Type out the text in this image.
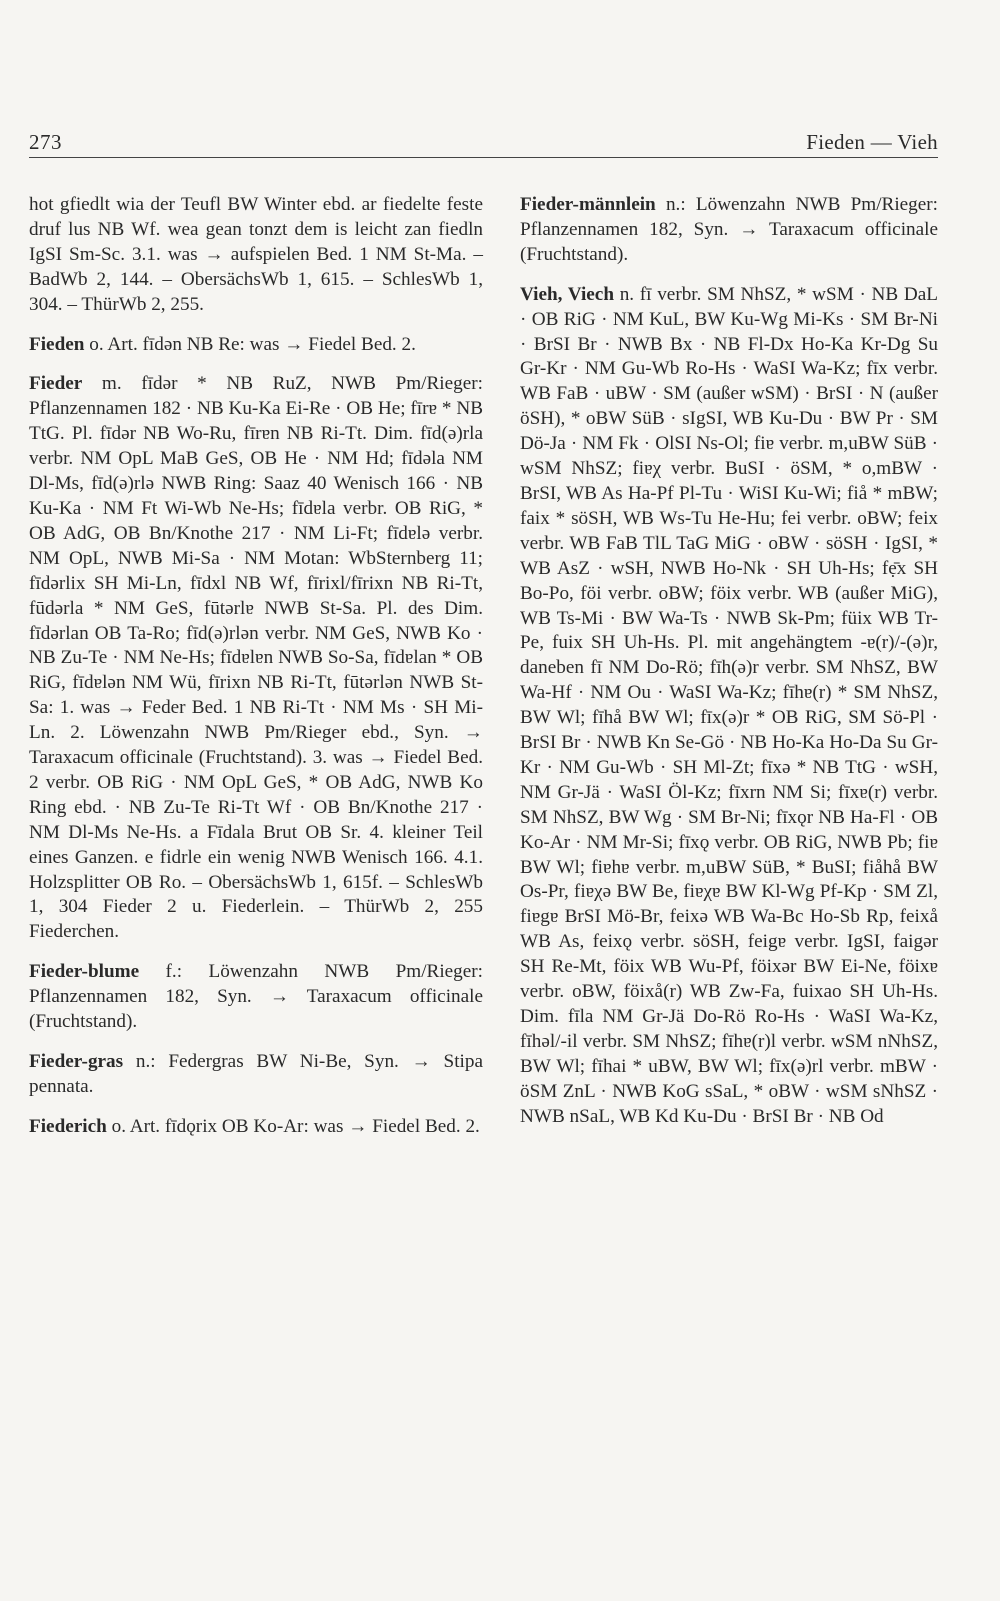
273	Fieden — Vieh

hot gfiedlt wia der Teufl BW Winter ebd. ar fiedelte feste druf lus NB Wf. wea gean tonzt dem is leicht zan fiedln IgSI Sm-Sc. 3.1. was → aufspielen Bed. 1 NM St-Ma. – BadWb 2, 144. – ObersächsWb 1, 615. – SchlesWb 1, 304. – ThürWb 2, 255.

Fieden o. Art. fīdən NB Re: was → Fiedel Bed. 2.

Fieder m. fīdər * NB RuZ, NWB Pm/Rieger: Pflanzennamen 182 · NB Ku-Ka Ei-Re · OB He; fīrɐ * NB TtG. Pl. fīdər NB Wo-Ru, fīrɐn NB Ri-Tt. Dim. fīd(ə)rla verbr. NM OpL MaB GeS, OB He · NM Hd; fīdəla NM Dl-Ms, fīd(ə)rlə NWB Ring: Saaz 40 Wenisch 166 · NB Ku-Ka · NM Ft Wi-Wb Ne-Hs; fīdɐla verbr. OB RiG, * OB AdG, OB Bn/Knothe 217 · NM Li-Ft; fīdɐlə verbr. NM OpL, NWB Mi-Sa · NM Motan: WbSternberg 11; fīdərlix SH Mi-Ln, fīdxl NB Wf, fīrixl/fīrixn NB Ri-Tt, fūdərla * NM GeS, fūtərlɐ NWB St-Sa. Pl. des Dim. fīdərlan OB Ta-Ro; fīd(ə)rlən verbr. NM GeS, NWB Ko · NB Zu-Te · NM Ne-Hs; fīdɐlɐn NWB So-Sa, fīdɐlan * OB RiG, fīdɐlən NM Wü, fīrixn NB Ri-Tt, fūtərlən NWB St-Sa: 1. was → Feder Bed. 1 NB Ri-Tt · NM Ms · SH Mi-Ln. 2. Löwenzahn NWB Pm/Rieger ebd., Syn. → Taraxacum officinale (Fruchtstand). 3. was → Fiedel Bed. 2 verbr. OB RiG · NM OpL GeS, * OB AdG, NWB Ko Ring ebd. · NB Zu-Te Ri-Tt Wf · OB Bn/Knothe 217 · NM Dl-Ms Ne-Hs. a Fīdala Brut OB Sr. 4. kleiner Teil eines Ganzen. e fidrle ein wenig NWB Wenisch 166. 4.1. Holzsplitter OB Ro. – ObersächsWb 1, 615f. – SchlesWb 1, 304 Fieder 2 u. Fiederlein. – ThürWb 2, 255 Fiederchen.

Fieder-blume f.: Löwenzahn NWB Pm/Rieger: Pflanzennamen 182, Syn. → Taraxacum officinale (Fruchtstand).

Fieder-gras n.: Federgras BW Ni-Be, Syn. → Stipa pennata.

Fiederich o. Art. fīdǫrix OB Ko-Ar: was → Fiedel Bed. 2.

Fieder-männlein n.: Löwenzahn NWB Pm/Rieger: Pflanzennamen 182, Syn. → Taraxacum officinale (Fruchtstand).

Vieh, Viech n. fī verbr. SM NhSZ, * wSM · NB DaL · OB RiG · NM KuL, BW Ku-Wg Mi-Ks · SM Br-Ni · BrSI Br · NWB Bx · NB Fl-Dx Ho-Ka Kr-Dg Su Gr-Kr · NM Gu-Wb Ro-Hs · WaSI Wa-Kz; fīx verbr. WB FaB · uBW · SM (außer wSM) · BrSI · N (außer öSH), * oBW SüB · sIgSI, WB Ku-Du · BW Pr · SM Dö-Ja · NM Fk · OlSI Ns-Ol; fiɐ verbr. m,uBW SüB · wSM NhSZ; fiɐχ verbr. BuSI · öSM, * o,mBW · BrSI, WB As Ha-Pf Pl-Tu · WiSI Ku-Wi; fiå * mBW; faix * söSH, WB Ws-Tu He-Hu; fei verbr. oBW; feix verbr. WB FaB TlL TaG MiG · oBW · söSH · IgSI, * WB AsZ · wSH, NWB Ho-Nk · SH Uh-Hs; fẹ̄x SH Bo-Po, föi verbr. oBW; föix verbr. WB (außer MiG), WB Ts-Mi · BW Wa-Ts · NWB Sk-Pm; füix WB Tr-Pe, fuix SH Uh-Hs. Pl. mit angehängtem -ɐ(r)/-(ə)r, daneben fī NM Do-Rö; fīh(ə)r verbr. SM NhSZ, BW Wa-Hf · NM Ou · WaSI Wa-Kz; fīhɐ(r) * SM NhSZ, BW Wl; fīhå BW Wl; fīx(ə)r * OB RiG, SM Sö-Pl · BrSI Br · NWB Kn Se-Gö · NB Ho-Ka Ho-Da Su Gr-Kr · NM Gu-Wb · SH Ml-Zt; fīxə * NB TtG · wSH, NM Gr-Jä · WaSI Öl-Kz; fīxrn NM Si; fīxɐ(r) verbr. SM NhSZ, BW Wg · SM Br-Ni; fīxǫr NB Ha-Fl · OB Ko-Ar · NM Mr-Si; fīxǫ verbr. OB RiG, NWB Pb; fiɐ BW Wl; fiɐhɐ verbr. m,uBW SüB, * BuSI; fiåhå BW Os-Pr, fiɐχə BW Be, fiɐχɐ BW Kl-Wg Pf-Kp · SM Zl, fiɐgɐ BrSI Mö-Br, feixə WB Wa-Bc Ho-Sb Rp, feixå WB As, feixǫ verbr. söSH, feigɐ verbr. IgSI, faigər SH Re-Mt, föix WB Wu-Pf, föixər BW Ei-Ne, föixɐ verbr. oBW, föixå(r) WB Zw-Fa, fuixao SH Uh-Hs. Dim. fīla NM Gr-Jä Do-Rö Ro-Hs · WaSI Wa-Kz, fīhəl/-il verbr. SM NhSZ; fīhɐ(r)l verbr. wSM nNhSZ, BW Wl; fīhai * uBW, BW Wl; fīx(ə)rl verbr. mBW · öSM ZnL · NWB KoG sSaL, * oBW · wSM sNhSZ · NWB nSaL, WB Kd Ku-Du · BrSI Br · NB Od
